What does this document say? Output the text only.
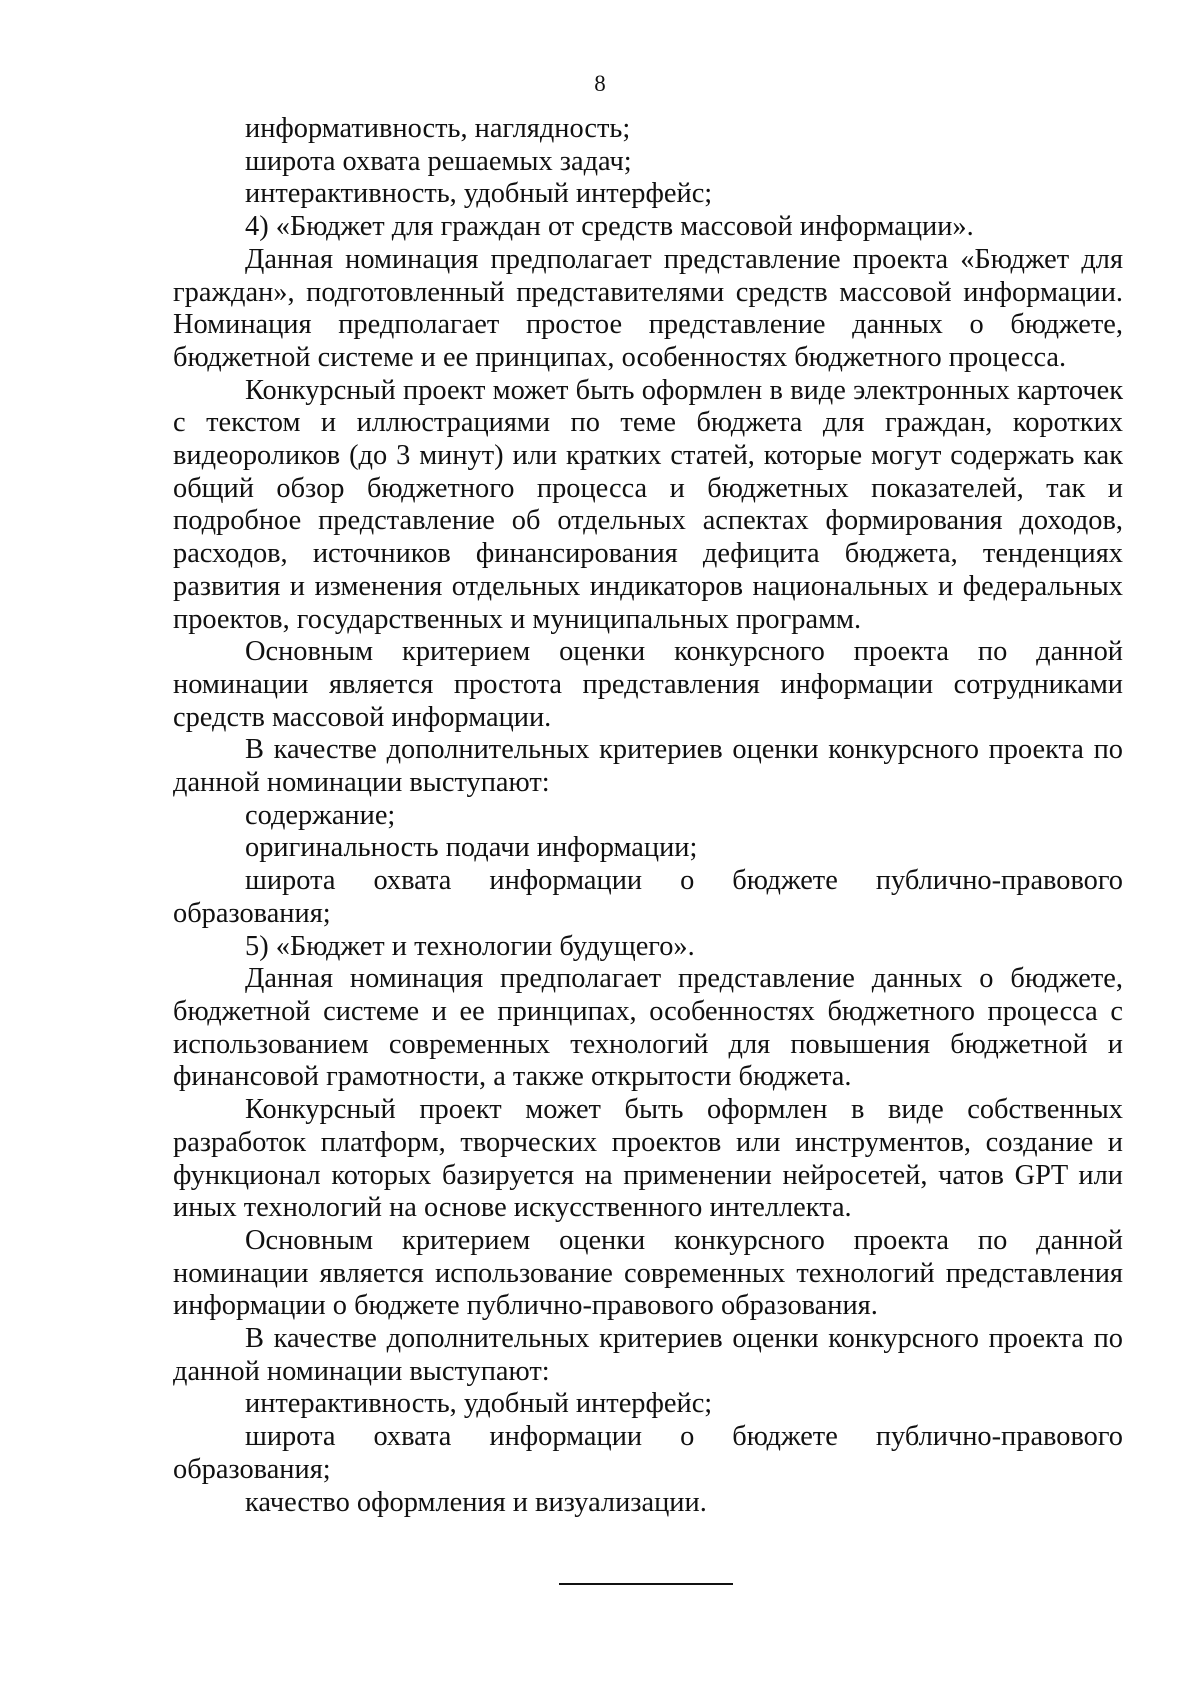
8

информативность, наглядность;

широта охвата решаемых задач;

интерактивность, удобный интерфейс;

4) «Бюджет для граждан от средств массовой информации».

Данная номинация предполагает представление проекта «Бюджет для граждан», подготовленный представителями средств массовой информации. Номинация предполагает простое представление данных о бюджете, бюджетной системе и ее принципах, особенностях бюджетного процесса.

Конкурсный проект может быть оформлен в виде электронных карточек с текстом и иллюстрациями по теме бюджета для граждан, коротких видеороликов (до 3 минут) или кратких статей, которые могут содержать как общий обзор бюджетного процесса и бюджетных показателей, так и подробное представление об отдельных аспектах формирования доходов, расходов, источников финансирования дефицита бюджета, тенденциях развития и изменения отдельных индикаторов национальных и федеральных проектов, государственных и муниципальных программ.

Основным критерием оценки конкурсного проекта по данной номинации является простота представления информации сотрудниками средств массовой информации.

В качестве дополнительных критериев оценки конкурсного проекта по данной номинации выступают:

содержание;

оригинальность подачи информации;

широта охвата информации о бюджете публично-правового образования;

5) «Бюджет и технологии будущего».

Данная номинация предполагает представление данных о бюджете, бюджетной системе и ее принципах, особенностях бюджетного процесса с использованием современных технологий для повышения бюджетной и финансовой грамотности, а также открытости бюджета.

Конкурсный проект может быть оформлен в виде собственных разработок платформ, творческих проектов или инструментов, создание и функционал которых базируется на применении нейросетей, чатов GPT или иных технологий на основе искусственного интеллекта.

Основным критерием оценки конкурсного проекта по данной номинации является использование современных технологий представления информации о бюджете публично-правового образования.

В качестве дополнительных критериев оценки конкурсного проекта по данной номинации выступают:

интерактивность, удобный интерфейс;

широта охвата информации о бюджете публично-правового образования;

качество оформления и визуализации.
